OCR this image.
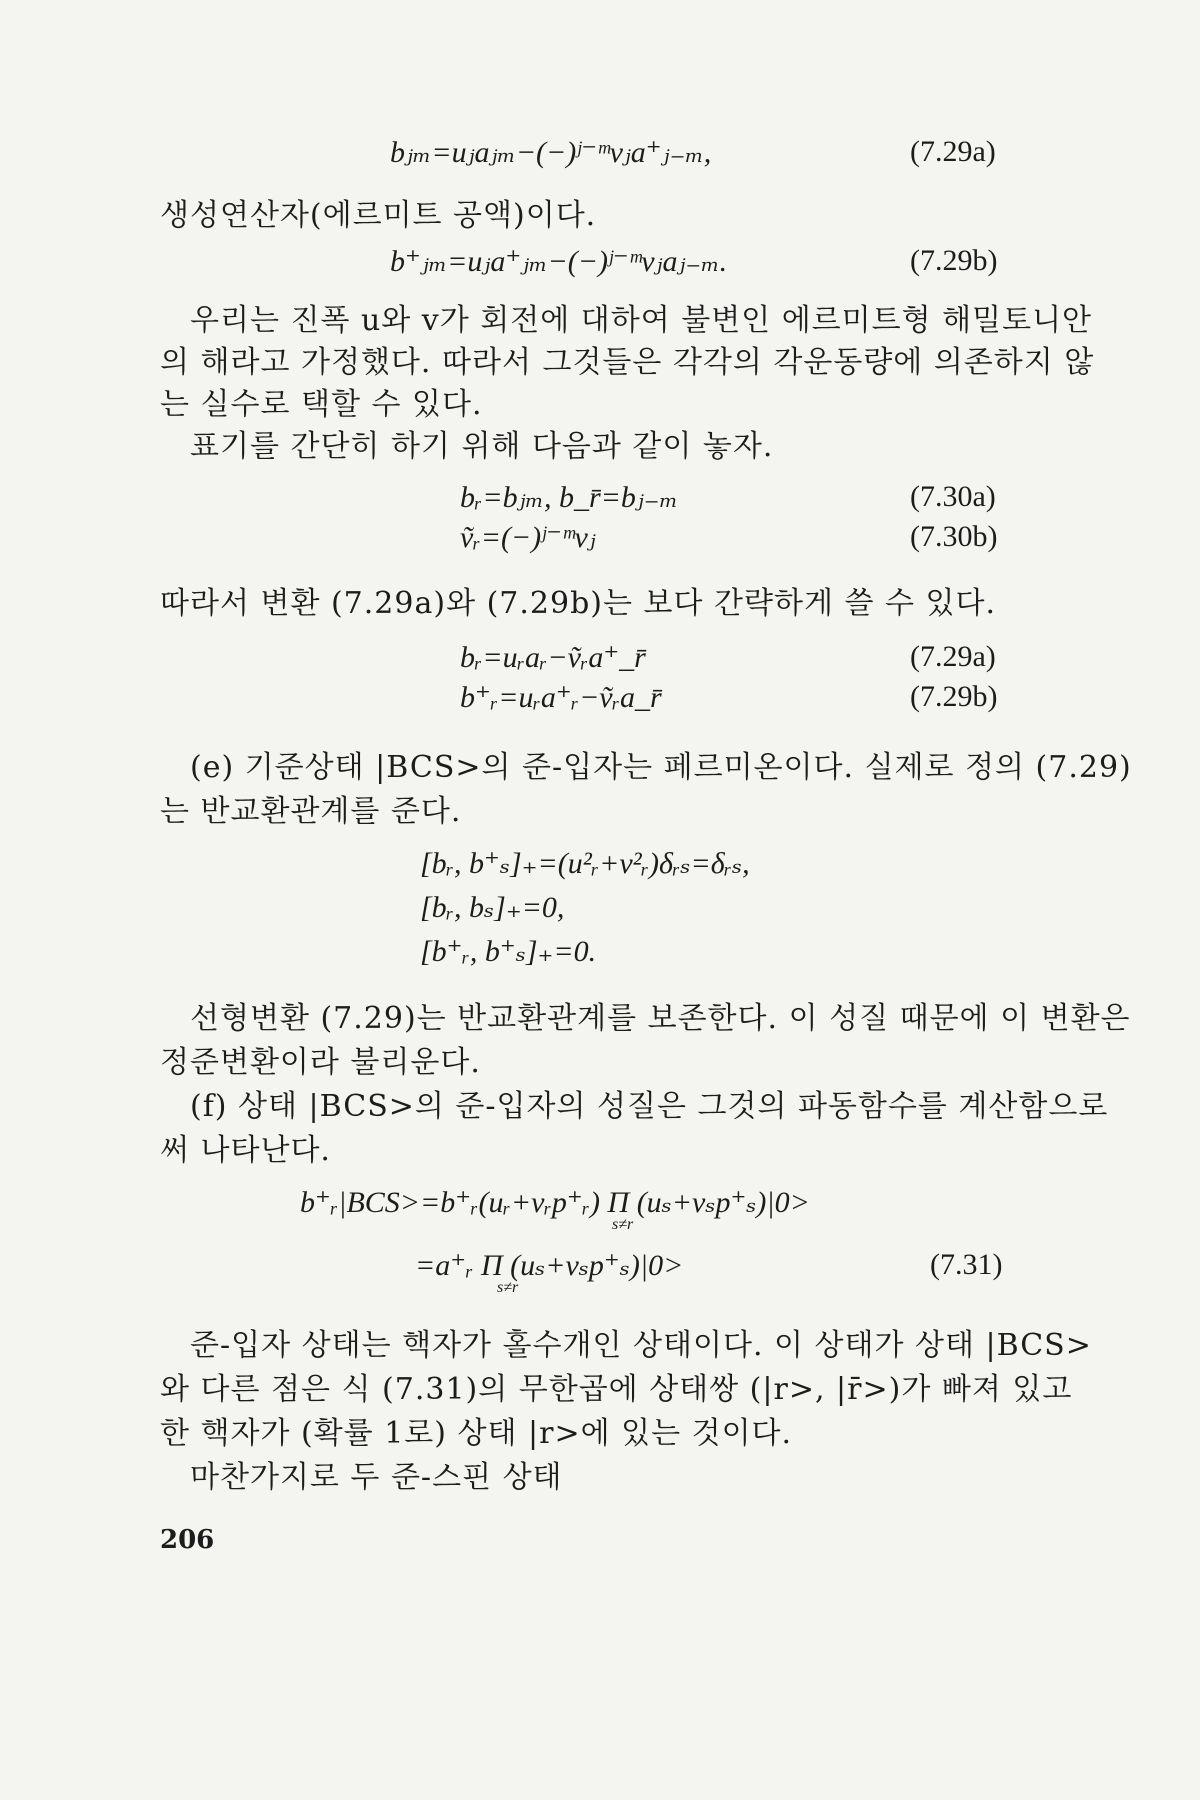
bⱼₘ=uⱼaⱼₘ−(−)ʲ⁻ᵐvⱼa⁺ⱼ₋ₘ,	(7.29a)
생성연산자(에르미트 공액)이다.
b⁺ⱼₘ=uⱼa⁺ⱼₘ−(−)ʲ⁻ᵐvⱼaⱼ₋ₘ.	(7.29b)
우리는 진폭 u와 v가 회전에 대하여 불변인 에르미트형 해밀토니안
의 해라고 가정했다. 따라서 그것들은 각각의 각운동량에 의존하지 않
는 실수로 택할 수 있다.
표기를 간단히 하기 위해 다음과 같이 놓자.
bᵣ=bⱼₘ, b_r̄=bⱼ₋ₘ	(7.30a)
ṽᵣ=(−)ʲ⁻ᵐvⱼ	(7.30b)
따라서 변환 (7.29a)와 (7.29b)는 보다 간략하게 쓸 수 있다.
bᵣ=uᵣaᵣ−ṽᵣa⁺_r̄	(7.29a)
b⁺ᵣ=uᵣa⁺ᵣ−ṽᵣa_r̄	(7.29b)
(e) 기준상태 |BCS>의 준-입자는 페르미온이다. 실제로 정의 (7.29)
는 반교환관계를 준다.
[bᵣ, b⁺ₛ]₊=(u²ᵣ+v²ᵣ)δᵣₛ=δᵣₛ,
[bᵣ, bₛ]₊=0,
[b⁺ᵣ, b⁺ₛ]₊=0.
선형변환 (7.29)는 반교환관계를 보존한다. 이 성질 때문에 이 변환은
정준변환이라 불리운다.
(f) 상태 |BCS>의 준-입자의 성질은 그것의 파동함수를 계산함으로
써 나타난다.
b⁺ᵣ|BCS>=b⁺ᵣ(uᵣ+vᵣp⁺ᵣ) Π (uₛ+vₛp⁺ₛ)|0>
s≠r
=a⁺ᵣ Π (uₛ+vₛp⁺ₛ)|0>
s≠r
(7.31)
준-입자 상태는 핵자가 홀수개인 상태이다. 이 상태가 상태 |BCS>
와 다른 점은 식 (7.31)의 무한곱에 상태쌍 (|r>, |r̄>)가 빠져 있고
한 핵자가 (확률 1로) 상태 |r>에 있는 것이다.
마찬가지로 두 준-스핀 상태
206
